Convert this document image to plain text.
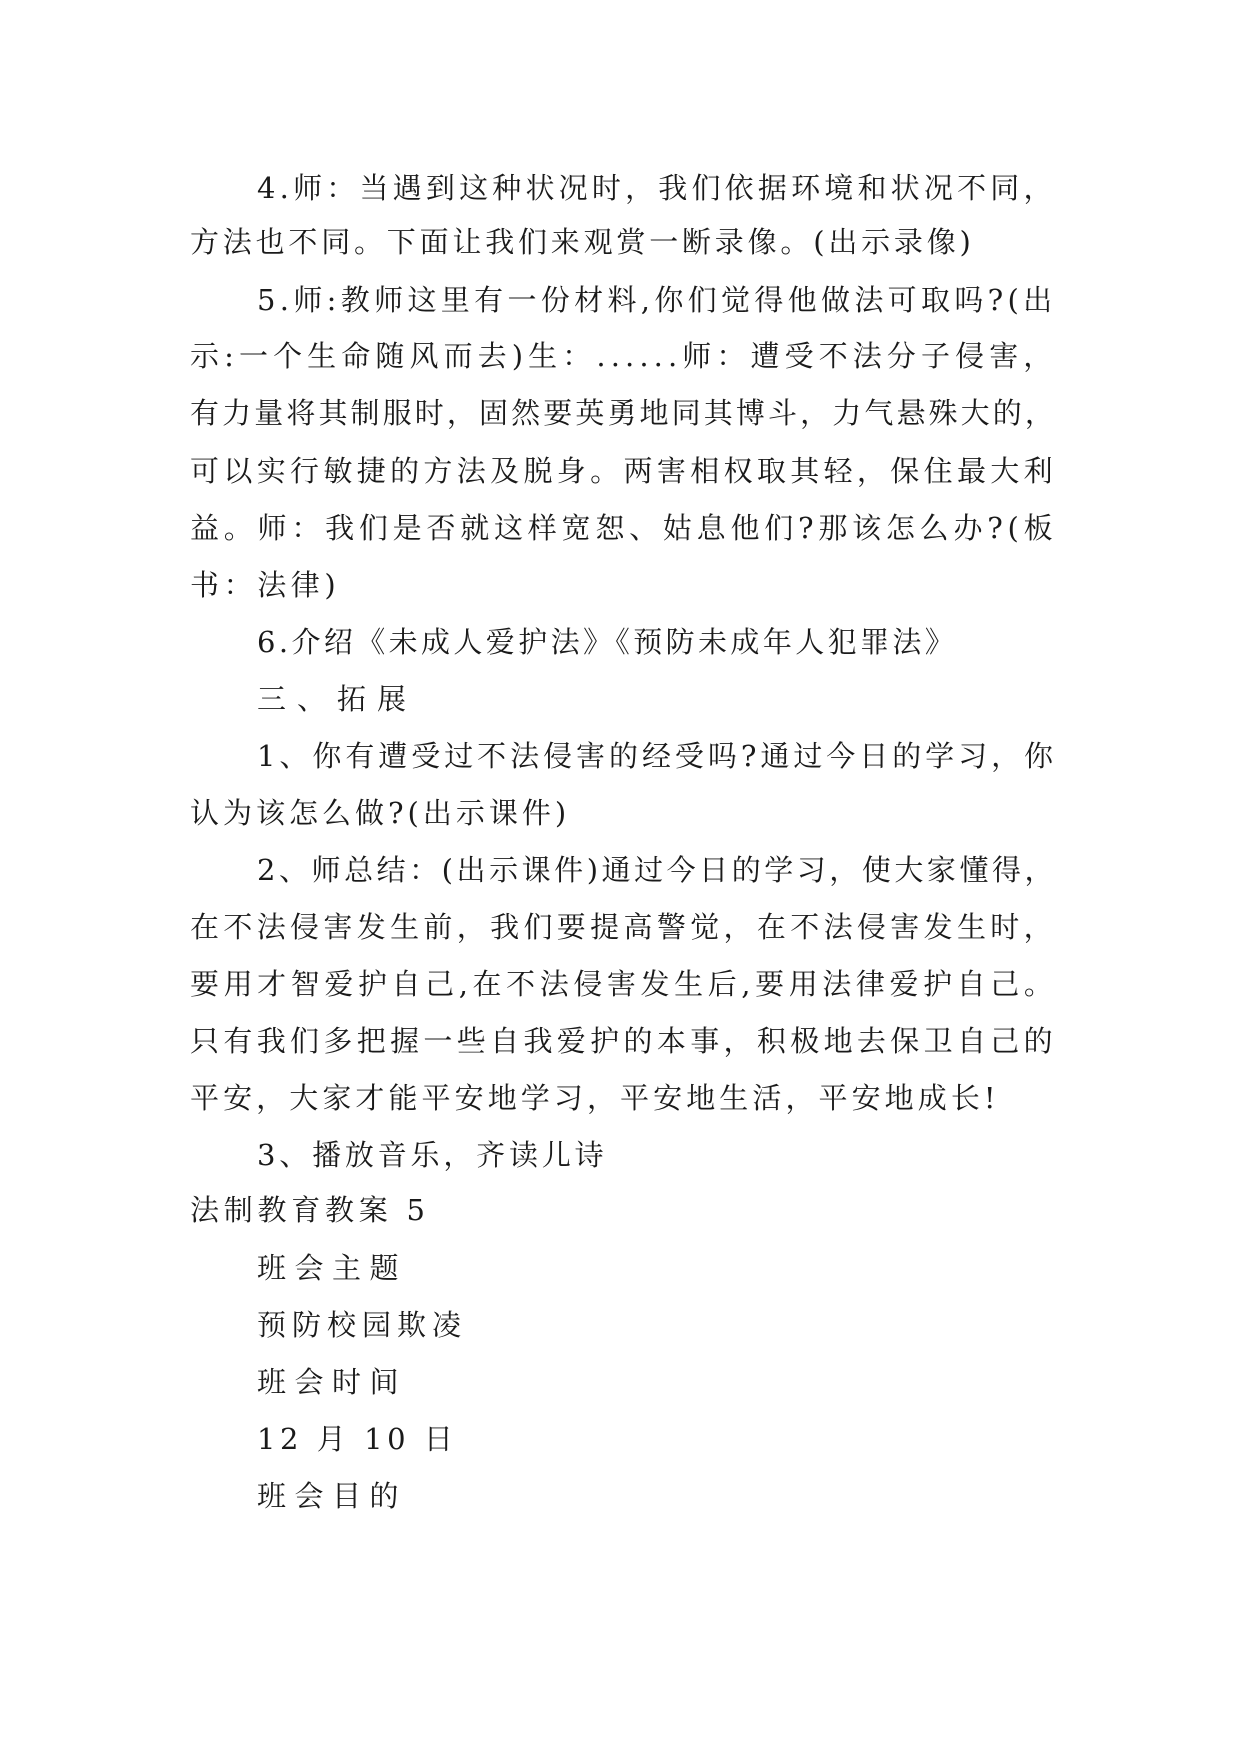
4.师：当遇到这种状况时，我们依据环境和状况不同，
方法也不同。下面让我们来观赏一断录像。(出示录像)
5.师:教师这里有一份材料,你们觉得他做法可取吗?(出
示:一个生命随风而去)生：......师：遭受不法分子侵害，
有力量将其制服时，固然要英勇地同其博斗，力气悬殊大的，
可以实行敏捷的方法及脱身。两害相权取其轻，保住最大利
益。师：我们是否就这样宽恕、姑息他们?那该怎么办?(板
书：法律)
6.介绍《未成人爱护法》《预防未成年人犯罪法》
三、拓展
1、你有遭受过不法侵害的经受吗?通过今日的学习，你
认为该怎么做?(出示课件)
2、师总结：(出示课件)通过今日的学习，使大家懂得，
在不法侵害发生前，我们要提高警觉，在不法侵害发生时，
要用才智爱护自己,在不法侵害发生后,要用法律爱护自己。
只有我们多把握一些自我爱护的本事，积极地去保卫自己的
平安，大家才能平安地学习，平安地生活，平安地成长!
3、播放音乐，齐读儿诗
法制教育教案 5
班会主题
预防校园欺凌
班会时间
12 月 10 日
班会目的
